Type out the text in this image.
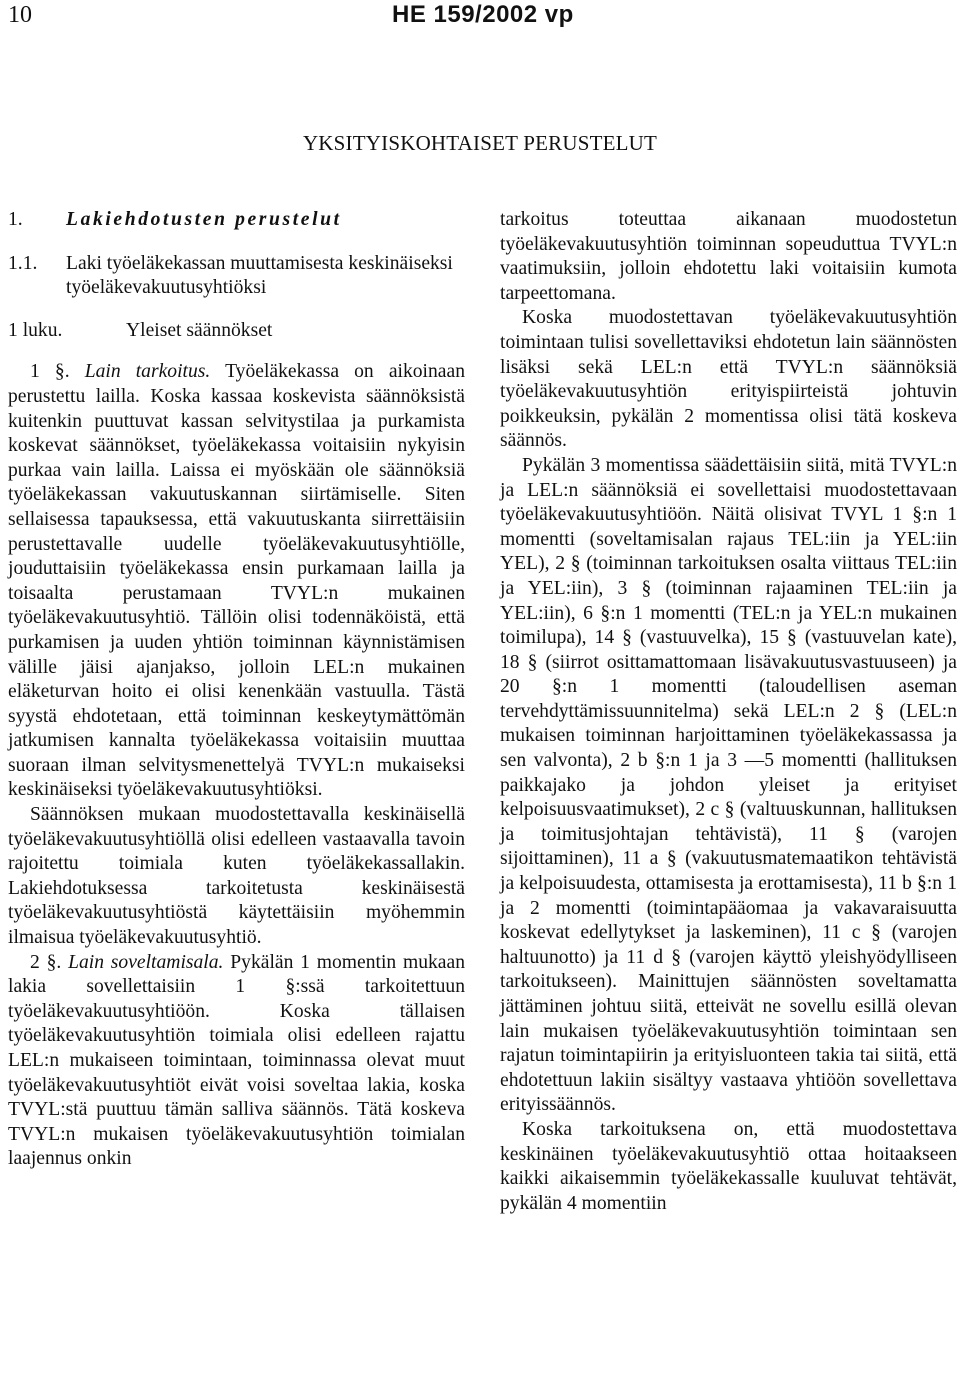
10	HE 159/2002 vp
YKSITYISKOHTAISET PERUSTELUT
1.	Lakiehdotusten perustelut
1.1.	Laki työeläkekassan muuttamisesta keskinäiseksi työeläkevakuutusyhtiöksi
1 luku.	Yleiset säännökset

1 §. Lain tarkoitus. Työeläkekassa on aikoinaan perustettu lailla. Koska kassaa koskevista säännöksistä kuitenkin puuttuvat kassan selvitystilaa ja purkamista koskevat säännökset, työeläkekassa voitaisiin nykyisin purkaa vain lailla. Laissa ei myöskään ole säännöksiä työeläkekassan vakuutuskannan siirtämiselle. Siten sellaisessa tapauksessa, että vakuutuskanta siirrettäisiin perustettavalle uudelle työeläkevakuutusyhtiölle, jouduttaisiin työeläkekassa ensin purkamaan lailla ja toisaalta perustamaan TVYL:n mukainen työeläkevakuutusyhtiö. Tällöin olisi todennäköistä, että purkamisen ja uuden yhtiön toiminnan käynnistämisen välille jäisi ajanjakso, jolloin LEL:n mukainen eläketurvan hoito ei olisi kenenkään vastuulla. Tästä syystä ehdotetaan, että toiminnan keskeytymättömän jatkumisen kannalta työeläkekassa voitaisiin muuttaa suoraan ilman selvitysmenettelyä TVYL:n mukaiseksi keskinäiseksi työeläkevakuutusyhtiöksi.

Säännöksen mukaan muodostettavalla keskinäisellä työeläkevakuutusyhtiöllä olisi edelleen vastaavalla tavoin rajoitettu toimiala kuten työeläkekassallakin. Lakiehdotuksessa tarkoitetusta keskinäisestä työeläkevakuutusyhtiöstä käytettäisiin myöhemmin ilmaisua työeläkevakuutusyhtiö.

2 §. Lain soveltamisala. Pykälän 1 momentin mukaan lakia sovellettaisiin 1 §:ssä tarkoitettuun työeläkevakuutusyhtiöön. Koska tällaisen työeläkevakuutusyhtiön toimiala olisi edelleen rajattu LEL:n mukaiseen toimintaan, toiminnassa olevat muut työeläkevakuutusyhtiöt eivät voisi soveltaa lakia, koska TVYL:stä puuttuu tämän salliva säännös. Tätä koskeva TVYL:n mukaisen työeläkevakuutusyhtiön toimialan laajennus onkin

tarkoitus toteuttaa aikanaan muodostetun työeläkevakuutusyhtiön toiminnan sopeuduttua TVYL:n vaatimuksiin, jolloin ehdotettu laki voitaisiin kumota tarpeettomana.

Koska muodostettavan työeläkevakuutusyhtiön toimintaan tulisi sovellettaviksi ehdotetun lain säännösten lisäksi sekä LEL:n että TVYL:n säännöksiä työeläkevakuutusyhtiön erityispiirteistä johtuvin poikkeuksin, pykälän 2 momentissa olisi tätä koskeva säännös.

Pykälän 3 momentissa säädettäisiin siitä, mitä TVYL:n ja LEL:n säännöksiä ei sovellettaisi muodostettavaan työeläkevakuutusyhtiöön. Näitä olisivat TVYL 1 §:n 1 momentti (soveltamisalan rajaus TEL:iin ja YEL:iin YEL), 2 § (toiminnan tarkoituksen osalta viittaus TEL:iin ja YEL:iin), 3 § (toiminnan rajaaminen TEL:iin ja YEL:iin), 6 §:n 1 momentti (TEL:n ja YEL:n mukainen toimilupa), 14 § (vastuuvelka), 15 § (vastuuvelan kate), 18 § (siirrot osittamattomaan lisävakuutusvastuuseen) ja 20 §:n 1 momentti (taloudellisen aseman tervehdyttämissuunnitelma) sekä LEL:n 2 § (LEL:n mukaisen toiminnan harjoittaminen työeläkekassassa ja sen valvonta), 2 b §:n 1 ja 3 —5 momentti (hallituksen paikkajako ja johdon yleiset ja erityiset kelpoisuusvaatimukset), 2 c § (valtuuskunnan, hallituksen ja toimitusjohtajan tehtävistä), 11 § (varojen sijoittaminen), 11 a § (vakuutusmatemaatikon tehtävistä ja kelpoisuudesta, ottamisesta ja erottamisesta), 11 b §:n 1 ja 2 momentti (toimintapääomaa ja vakavaraisuutta koskevat edellytykset ja laskeminen), 11 c § (varojen haltuunotto) ja 11 d § (varojen käyttö yleishyödylliseen tarkoitukseen). Mainittujen säännösten soveltamatta jättäminen johtuu siitä, etteivät ne sovellu esillä olevan lain mukaisen työeläkevakuutusyhtiön toimintaan sen rajatun toimintapiirin ja erityisluonteen takia tai siitä, että ehdotettuun lakiin sisältyy vastaava yhtiöön sovellettava erityissäännös.

Koska tarkoituksena on, että muodostettava keskinäinen työeläkevakuutusyhtiö ottaa hoitaakseen kaikki aikaisemmin työeläkekassalle kuuluvat tehtävät, pykälän 4 momentiin
